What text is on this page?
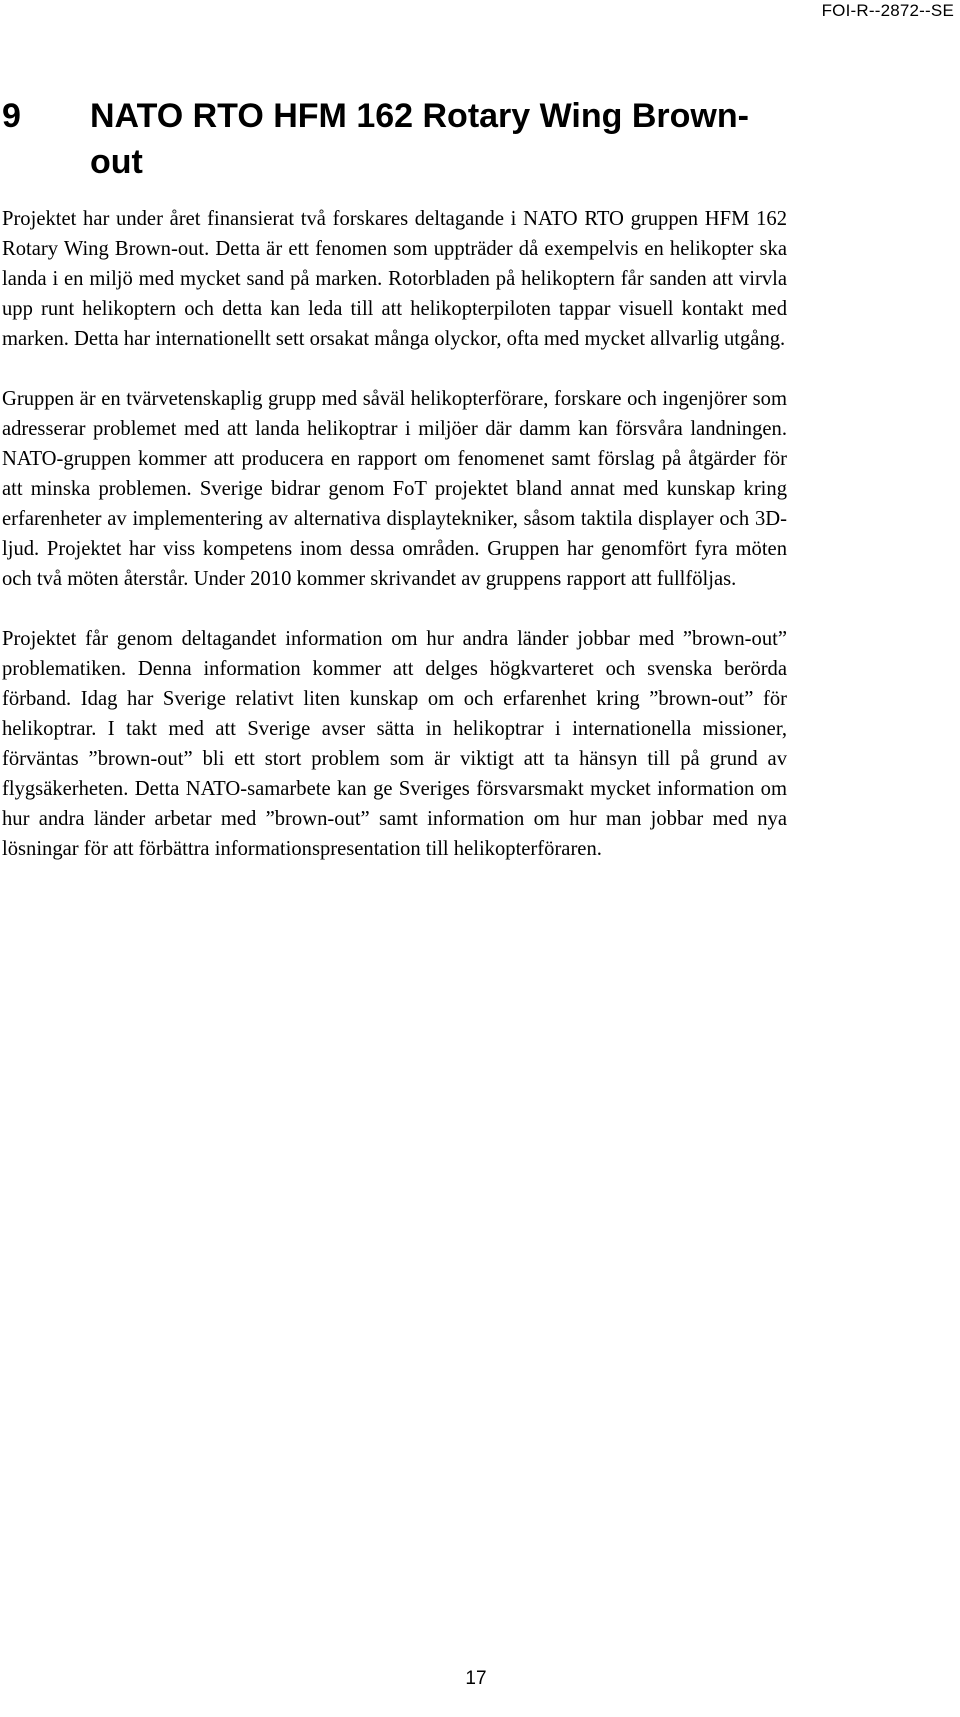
FOI-R--2872--SE
9 NATO RTO HFM 162 Rotary Wing Brown-out

Projektet har under året finansierat två forskares deltagande i NATO RTO gruppen HFM 162 Rotary Wing Brown-out. Detta är ett fenomen som uppträder då exempelvis en helikopter ska landa i en miljö med mycket sand på marken. Rotorbladen på helikoptern får sanden att virvla upp runt helikoptern och detta kan leda till att helikopterpiloten tappar visuell kontakt med marken. Detta har internationellt sett orsakat många olyckor, ofta med mycket allvarlig utgång.

Gruppen är en tvärvetenskaplig grupp med såväl helikopterförare, forskare och ingenjörer som adresserar problemet med att landa helikoptrar i miljöer där damm kan försvåra landningen. NATO-gruppen kommer att producera en rapport om fenomenet samt förslag på åtgärder för att minska problemen. Sverige bidrar genom FoT projektet bland annat med kunskap kring erfarenheter av implementering av alternativa displaytekniker, såsom taktila displayer och 3D-ljud. Projektet har viss kompetens inom dessa områden. Gruppen har genomfört fyra möten och två möten återstår. Under 2010 kommer skrivandet av gruppens rapport att fullföljas.

Projektet får genom deltagandet information om hur andra länder jobbar med ”brown-out” problematiken. Denna information kommer att delges högkvarteret och svenska berörda förband. Idag har Sverige relativt liten kunskap om och erfarenhet kring ”brown-out” för helikoptrar. I takt med att Sverige avser sätta in helikoptrar i internationella missioner, förväntas ”brown-out” bli ett stort problem som är viktigt att ta hänsyn till på grund av flygsäkerheten. Detta NATO-samarbete kan ge Sveriges försvarsmakt mycket information om hur andra länder arbetar med ”brown-out” samt information om hur man jobbar med nya lösningar för att förbättra informationspresentation till helikopterföraren.

17
